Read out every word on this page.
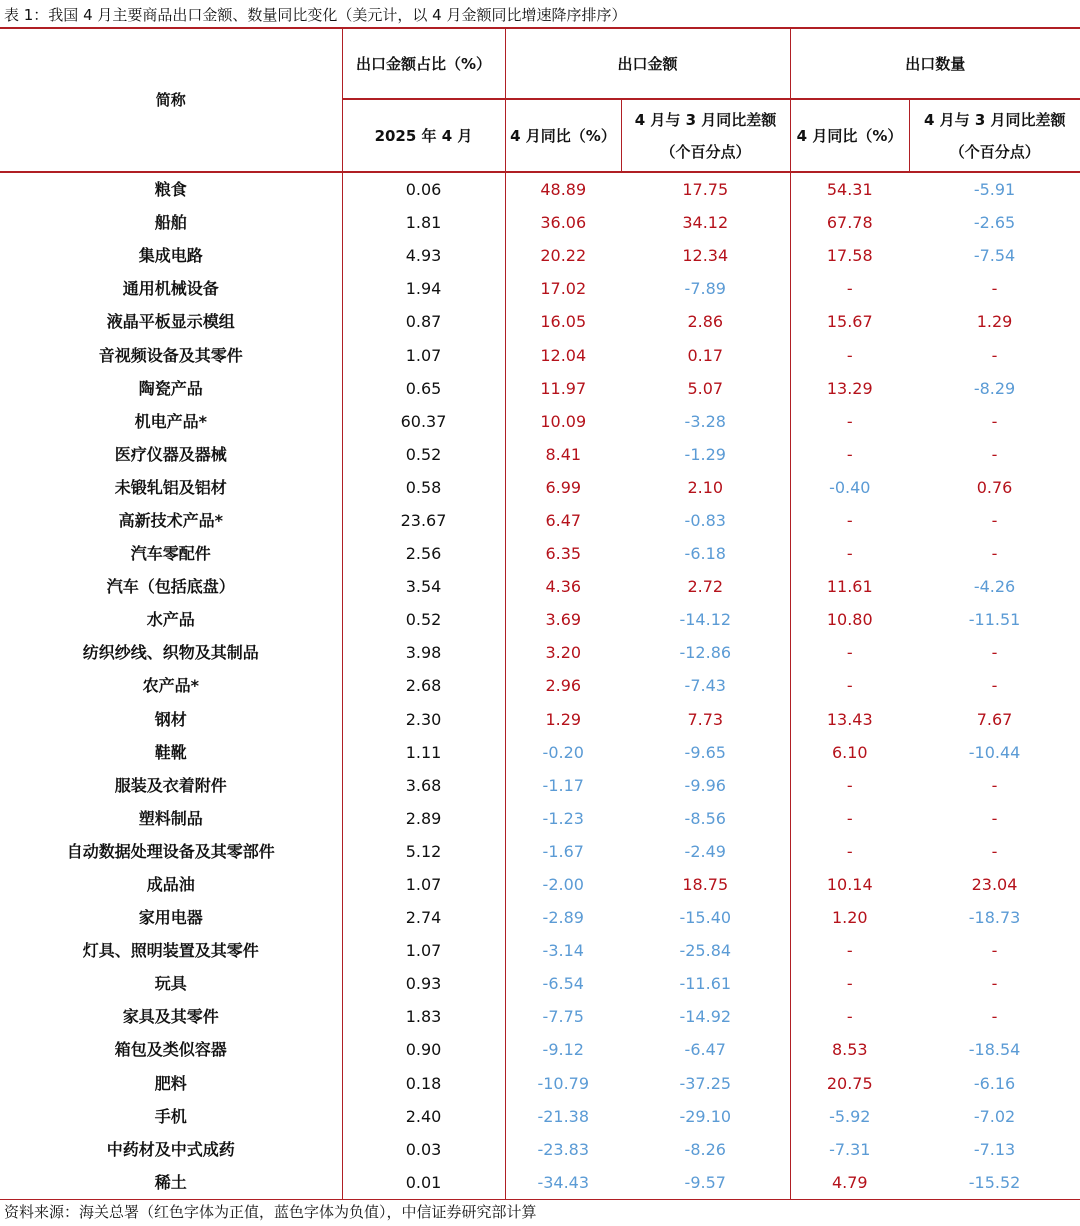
表 1：我国 4 月主要商品出口金额、数量同比变化（美元计，以 4 月金额同比增速降序排序）
简称	出口金额占比（%）	出口金额		出口数量	
	2025 年 4 月	4 月同比（%）	4 月与 3 月同比差额
（个百分点）	4 月同比（%）	4 月与 3 月同比差额
（个百分点）
粮食	0.06	48.89	17.75	54.31	-5.91
船舶	1.81	36.06	34.12	67.78	-2.65
集成电路	4.93	20.22	12.34	17.58	-7.54
通用机械设备	1.94	17.02	-7.89	-	-
液晶平板显示模组	0.87	16.05	2.86	15.67	1.29
音视频设备及其零件	1.07	12.04	0.17	-	-
陶瓷产品	0.65	11.97	5.07	13.29	-8.29
机电产品*	60.37	10.09	-3.28	-	-
医疗仪器及器械	0.52	8.41	-1.29	-	-
未锻轧铝及铝材	0.58	6.99	2.10	-0.40	0.76
高新技术产品*	23.67	6.47	-0.83	-	-
汽车零配件	2.56	6.35	-6.18	-	-
汽车（包括底盘）	3.54	4.36	2.72	11.61	-4.26
水产品	0.52	3.69	-14.12	10.80	-11.51
纺织纱线、织物及其制品	3.98	3.20	-12.86	-	-
农产品*	2.68	2.96	-7.43	-	-
钢材	2.30	1.29	7.73	13.43	7.67
鞋靴	1.11	-0.20	-9.65	6.10	-10.44
服装及衣着附件	3.68	-1.17	-9.96	-	-
塑料制品	2.89	-1.23	-8.56	-	-
自动数据处理设备及其零部件	5.12	-1.67	-2.49	-	-
成品油	1.07	-2.00	18.75	10.14	23.04
家用电器	2.74	-2.89	-15.40	1.20	-18.73
灯具、照明装置及其零件	1.07	-3.14	-25.84	-	-
玩具	0.93	-6.54	-11.61	-	-
家具及其零件	1.83	-7.75	-14.92	-	-
箱包及类似容器	0.90	-9.12	-6.47	8.53	-18.54
肥料	0.18	-10.79	-37.25	20.75	-6.16
手机	2.40	-21.38	-29.10	-5.92	-7.02
中药材及中式成药	0.03	-23.83	-8.26	-7.31	-7.13
稀土	0.01	-34.43	-9.57	4.79	-15.52
资料来源：海关总署（红色字体为正值，蓝色字体为负值），中信证券研究部计算
